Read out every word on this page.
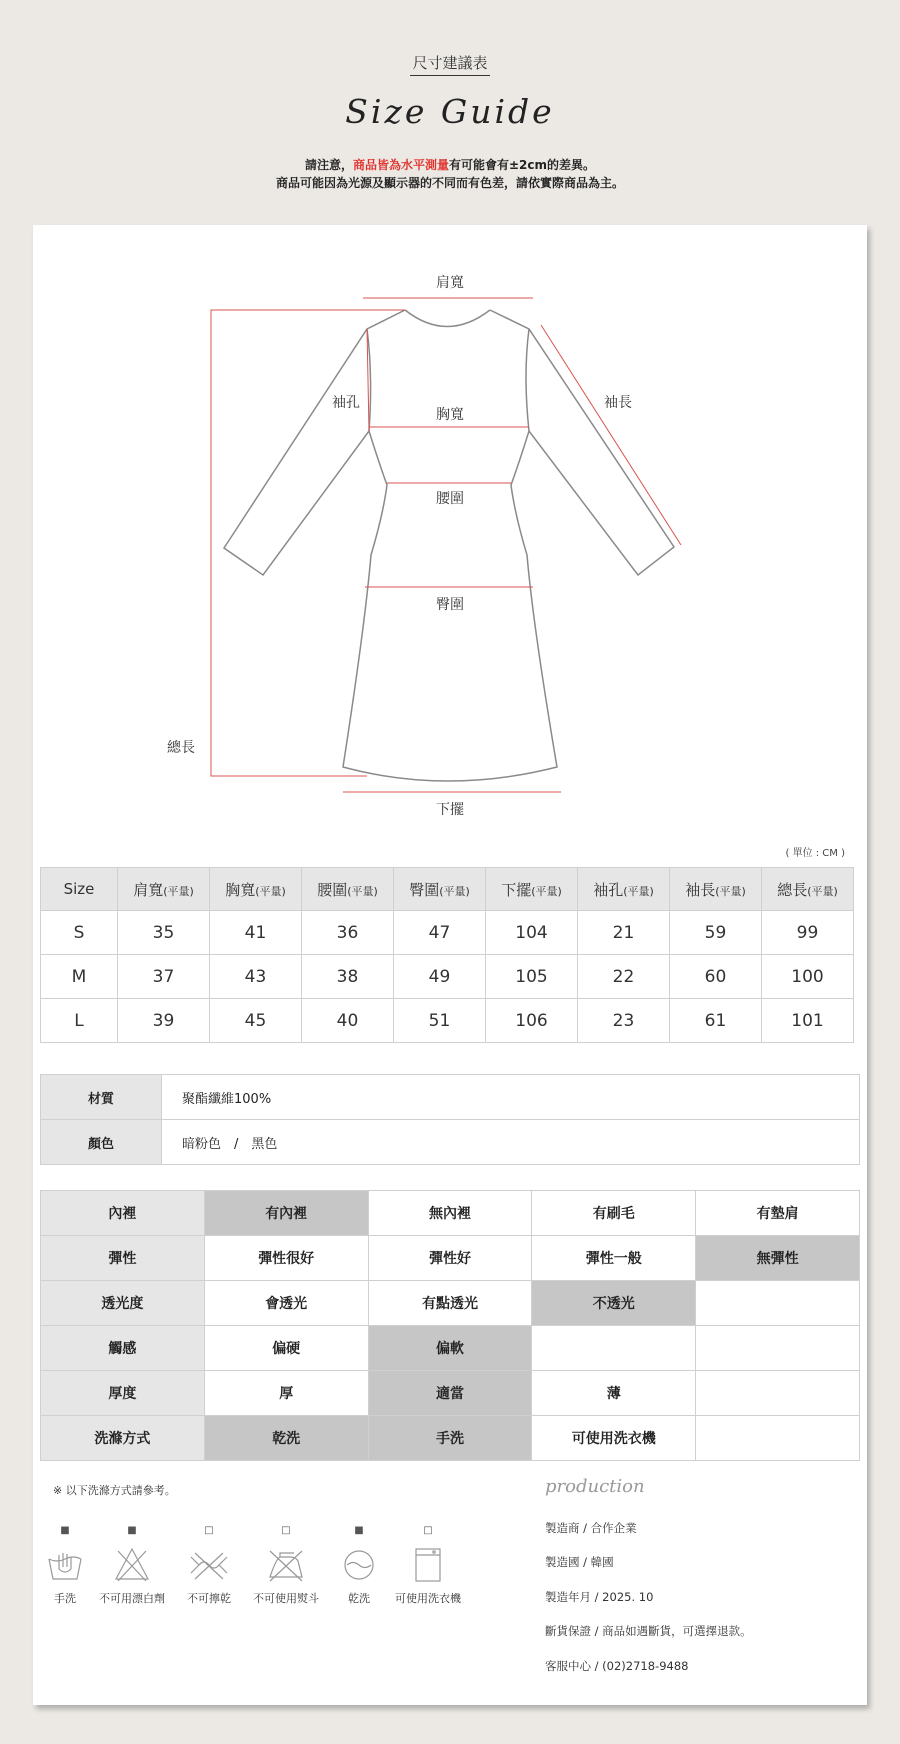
尺寸建議表
Size Guide
請注意，商品皆為水平測量有可能會有±2cm的差異。
商品可能因為光源及顯示器的不同而有色差，請依實際商品為主。
肩寬
袖孔
胸寬
袖長
腰圍
臀圍
總長
下擺
( 單位 : CM )
Size	肩寬(平量)	胸寬(平量)	腰圍(平量)	臀圍(平量)	下擺(平量)	袖孔(平量)	袖長(平量)	總長(平量)
S	35	41	36	47	104	21	59	99
M	37	43	38	49	105	22	60	100
L	39	45	40	51	106	23	61	101
材質	聚酯纖維100%
顏色	暗粉色　/　黑色
內裡	有內裡	無內裡	有刷毛	有墊肩
彈性	彈性很好	彈性好	彈性一般	無彈性
透光度	會透光	有點透光	不透光	
觸感	偏硬	偏軟		
厚度	厚	適當	薄	
洗滌方式	乾洗	手洗	可使用洗衣機	
※ 以下洗滌方式請參考。
■
手洗
■
不可用漂白劑
□
不可擰乾
□
不可使用熨斗
■
乾洗
□
可使用洗衣機
production
製造商 / 合作企業
製造國 / 韓國
製造年月 / 2025. 10
斷貨保證 / 商品如遇斷貨，可選擇退款。
客服中心 / (02)2718-9488
